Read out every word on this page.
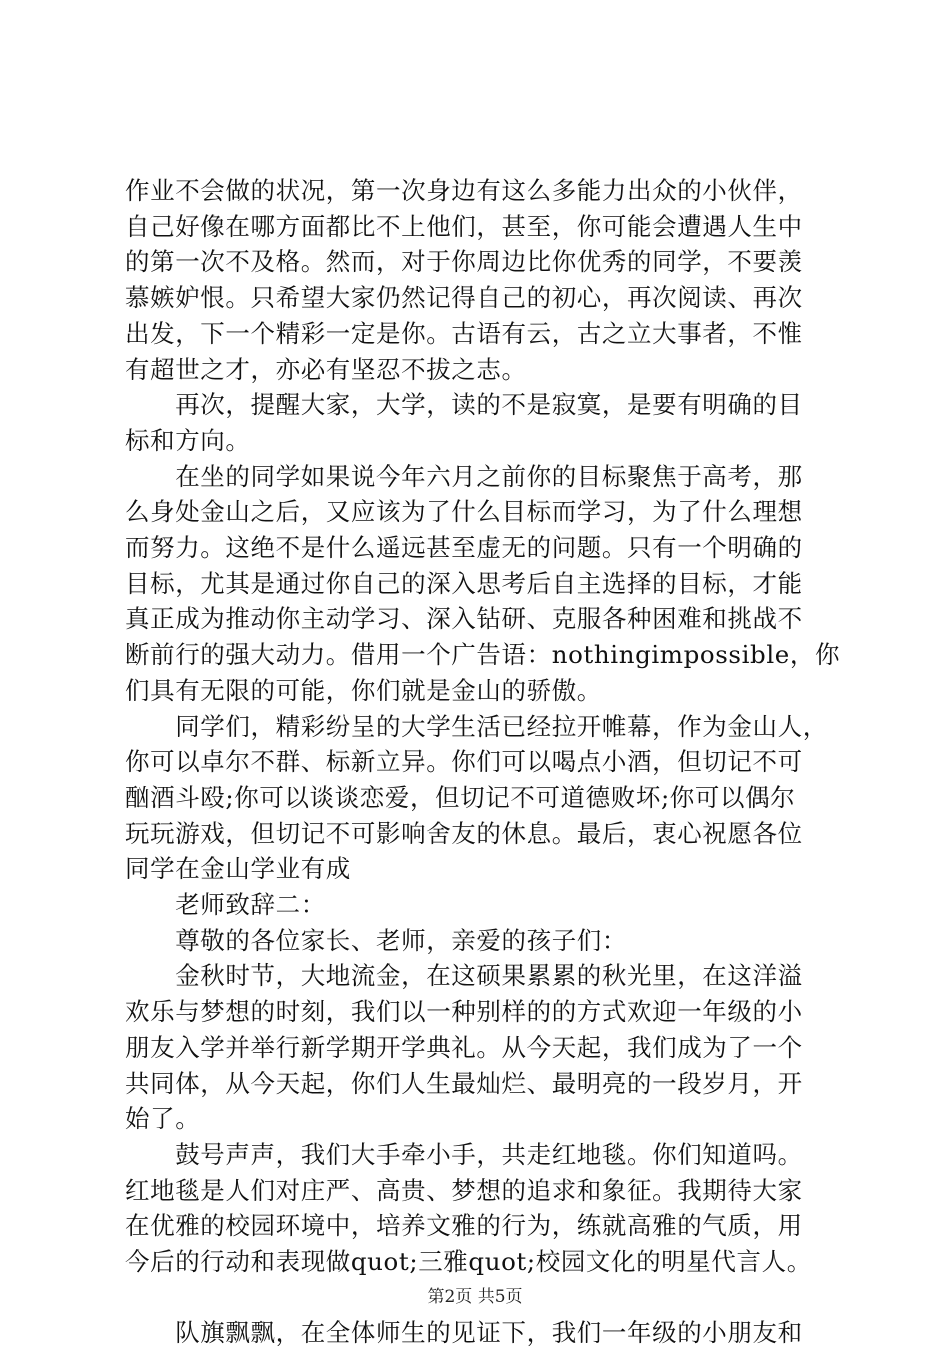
作业不会做的状况，第一次身边有这么多能力出众的小伙伴，
自己好像在哪方面都比不上他们，甚至，你可能会遭遇人生中
的第一次不及格。然而，对于你周边比你优秀的同学，不要羡
慕嫉妒恨。只希望大家仍然记得自己的初心，再次阅读、再次
出发，下一个精彩一定是你。古语有云，古之立大事者，不惟
有超世之才，亦必有坚忍不拔之志。
　　再次，提醒大家，大学，读的不是寂寞，是要有明确的目
标和方向。
　　在坐的同学如果说今年六月之前你的目标聚焦于高考，那
么身处金山之后，又应该为了什么目标而学习，为了什么理想
而努力。这绝不是什么遥远甚至虚无的问题。只有一个明确的
目标，尤其是通过你自己的深入思考后自主选择的目标，才能
真正成为推动你主动学习、深入钻研、克服各种困难和挑战不
断前行的强大动力。借用一个广告语：nothingimpossible，你
们具有无限的可能，你们就是金山的骄傲。
　　同学们，精彩纷呈的大学生活已经拉开帷幕，作为金山人，
你可以卓尔不群、标新立异。你们可以喝点小酒，但切记不可
酗酒斗殴;你可以谈谈恋爱，但切记不可道德败坏;你可以偶尔
玩玩游戏，但切记不可影响舍友的休息。最后，衷心祝愿各位
同学在金山学业有成
　　老师致辞二：
　　尊敬的各位家长、老师，亲爱的孩子们：
　　金秋时节，大地流金，在这硕果累累的秋光里，在这洋溢
欢乐与梦想的时刻，我们以一种别样的的方式欢迎一年级的小
朋友入学并举行新学期开学典礼。从今天起，我们成为了一个
共同体，从今天起，你们人生最灿烂、最明亮的一段岁月，开
始了。
　　鼓号声声，我们大手牵小手，共走红地毯。你们知道吗。
红地毯是人们对庄严、高贵、梦想的追求和象征。我期待大家
在优雅的校园环境中，培养文雅的行为，练就高雅的气质，用
今后的行动和表现做quot;三雅quot;校园文化的明星代言人。
　　队旗飘飘，在全体师生的见证下，我们一年级的小朋友和
第2页 共5页
